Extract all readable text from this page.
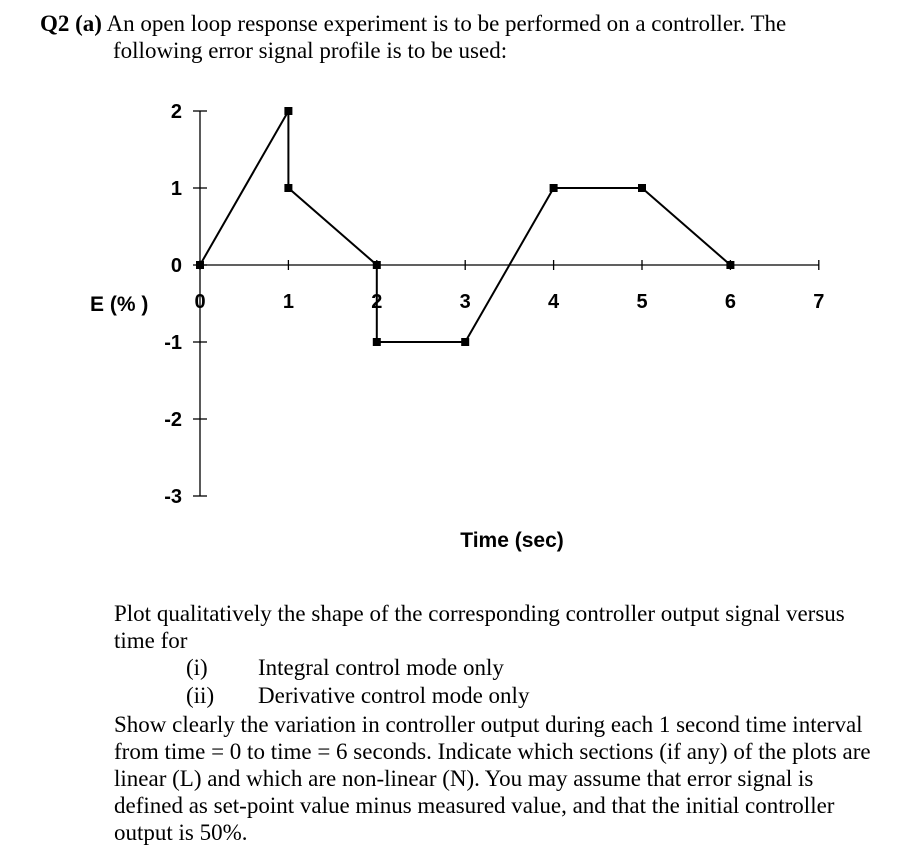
Q2 (a) An open loop response experiment is to be performed on a controller. The
following error signal profile is to be used:
0	1	2	3	4	5	6	7
2
1
0
-1
-2
-3
E (% )
Time (sec)
Plot qualitatively the shape of the corresponding controller output signal versus time for
(i)	Integral control mode only
(ii)	Derivative control mode only
Show clearly the variation in controller output during each 1 second time interval from time = 0 to time = 6 seconds. Indicate which sections (if any) of the plots are linear (L) and which are non-linear (N). You may assume that error signal is defined as set-point value minus measured value, and that the initial controller output is 50%.
